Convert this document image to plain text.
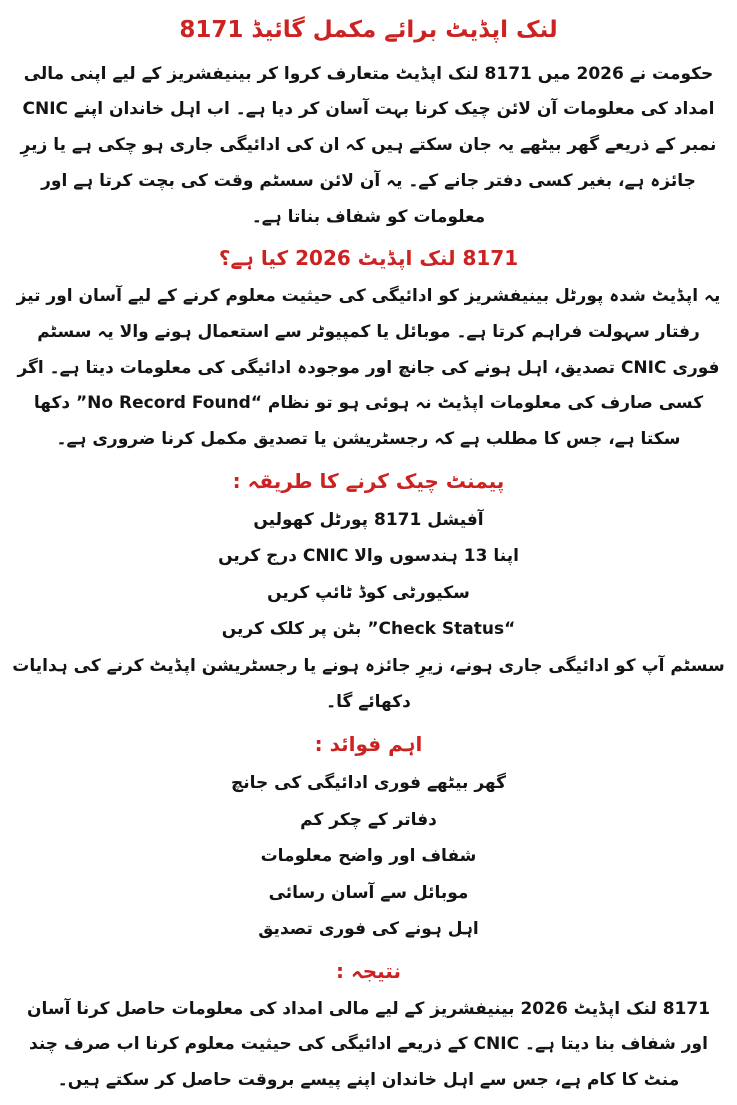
لنک اپڈیٹ برائے مکمل گائیڈ 8171

حکومت نے 2026 میں 8171 لنک اپڈیٹ متعارف کروا کر بینیفشریز کے لیے اپنی مالی امداد کی معلومات آن لائن چیک کرنا بہت آسان کر دیا ہے۔ اب اہل خاندان اپنے CNIC نمبر کے ذریعے گھر بیٹھے یہ جان سکتے ہیں کہ ان کی ادائیگی جاری ہو چکی ہے یا زیرِ جائزہ ہے، بغیر کسی دفتر جانے کے۔ یہ آن لائن سسٹم وقت کی بچت کرتا ہے اور معلومات کو شفاف بناتا ہے۔

8171 لنک اپڈیٹ 2026 کیا ہے؟

یہ اپڈیٹ شدہ پورٹل بینیفشریز کو ادائیگی کی حیثیت معلوم کرنے کے لیے آسان اور تیز رفتار سہولت فراہم کرتا ہے۔ موبائل یا کمپیوٹر سے استعمال ہونے والا یہ سسٹم فوری CNIC تصدیق، اہل ہونے کی جانچ اور موجودہ ادائیگی کی معلومات دیتا ہے۔ اگر کسی صارف کی معلومات اپڈیٹ نہ ہوئی ہو تو نظام “No Record Found” دکھا سکتا ہے، جس کا مطلب ہے کہ رجسٹریشن یا تصدیق مکمل کرنا ضروری ہے۔

پیمنٹ چیک کرنے کا طریقہ :
آفیشل 8171 پورٹل کھولیں
اپنا 13 ہندسوں والا CNIC درج کریں
سکیورٹی کوڈ ٹائپ کریں
“Check Status” بٹن پر کلک کریں
سسٹم آپ کو ادائیگی جاری ہونے، زیرِ جائزہ ہونے یا رجسٹریشن اپڈیٹ کرنے کی ہدایات دکھائے گا۔
اہم فوائد :
گھر بیٹھے فوری ادائیگی کی جانچ
دفاتر کے چکر کم
شفاف اور واضح معلومات
موبائل سے آسان رسائی
اہل ہونے کی فوری تصدیق
نتیجہ :

8171 لنک اپڈیٹ 2026 بینیفشریز کے لیے مالی امداد کی معلومات حاصل کرنا آسان اور شفاف بنا دیتا ہے۔ CNIC کے ذریعے ادائیگی کی حیثیت معلوم کرنا اب صرف چند منٹ کا کام ہے، جس سے اہل خاندان اپنے پیسے بروقت حاصل کر سکتے ہیں۔
